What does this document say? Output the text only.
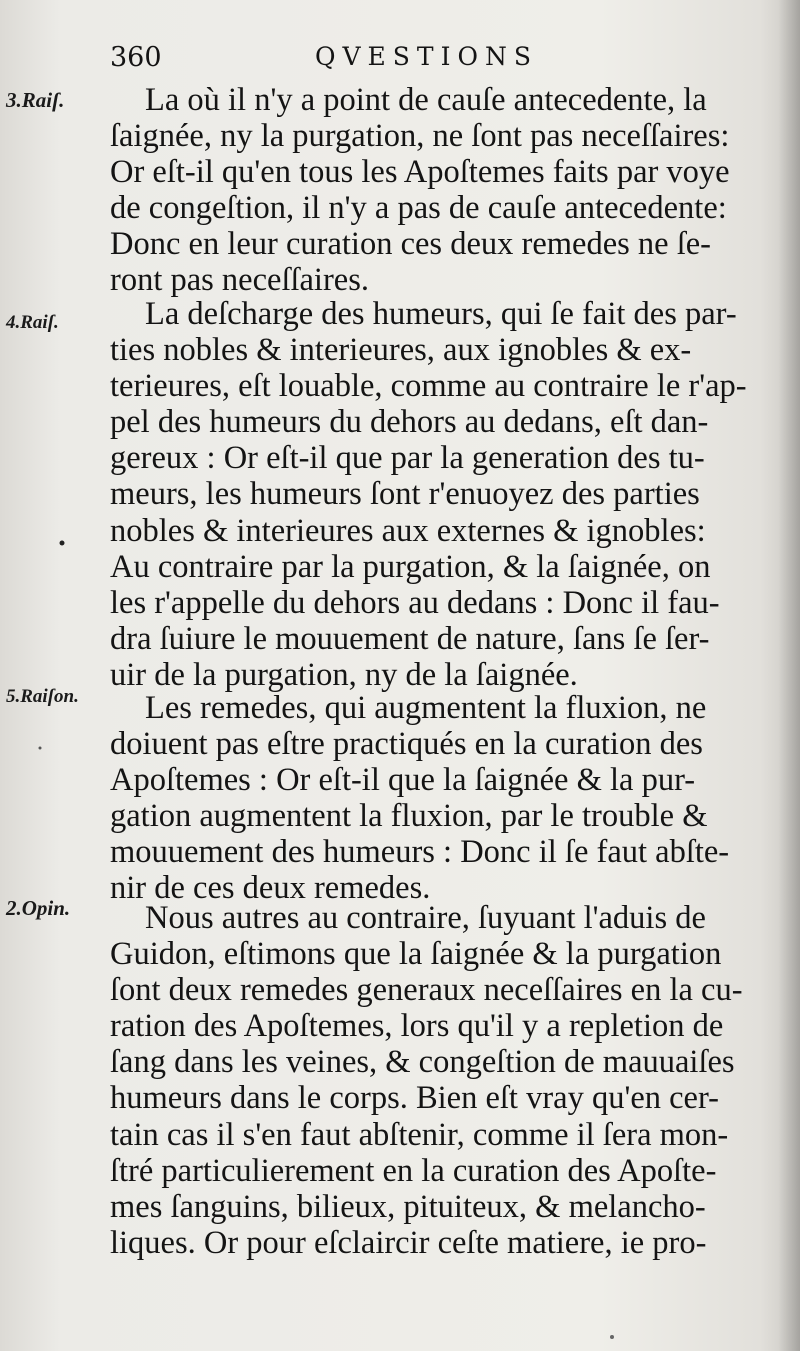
360	QVESTIONS
3.Raiſ.
4.Raiſ.
5.Raiſon.
2.Opin.
La où il n'y a point de cauſe antecedente, la
ſaignée, ny la purgation, ne ſont pas neceſſaires:
Or eſt-il qu'en tous les Apoſtemes faits par voye
de congeſtion, il n'y a pas de cauſe antecedente:
Donc en leur curation ces deux remedes ne ſe-
ront pas neceſſaires.
La deſcharge des humeurs, qui ſe fait des par-
ties nobles & interieures, aux ignobles & ex-
terieures, eſt louable, comme au contraire le r'ap-
pel des humeurs du dehors au dedans, eſt dan-
gereux : Or eſt-il que par la generation des tu-
meurs, les humeurs ſont r'enuoyez des parties
nobles & interieures aux externes & ignobles:
Au contraire par la purgation, & la ſaignée, on
les r'appelle du dehors au dedans : Donc il fau-
dra ſuiure le mouuement de nature, ſans ſe ſer-
uir de la purgation, ny de la ſaignée.
Les remedes, qui augmentent la fluxion, ne
doiuent pas eſtre practiqués en la curation des
Apoſtemes : Or eſt-il que la ſaignée & la pur-
gation augmentent la fluxion, par le trouble &
mouuement des humeurs : Donc il ſe faut abſte-
nir de ces deux remedes.
Nous autres au contraire, ſuyuant l'aduis de
Guidon, eſtimons que la ſaignée & la purgation
ſont deux remedes generaux neceſſaires en la cu-
ration des Apoſtemes, lors qu'il y a repletion de
ſang dans les veines, & congeſtion de mauuaiſes
humeurs dans le corps. Bien eſt vray qu'en cer-
tain cas il s'en faut abſtenir, comme il ſera mon-
ſtré particulierement en la curation des Apoſte-
mes ſanguins, bilieux, pituiteux, & melancho-
liques. Or pour eſclaircir ceſte matiere, ie pro-
